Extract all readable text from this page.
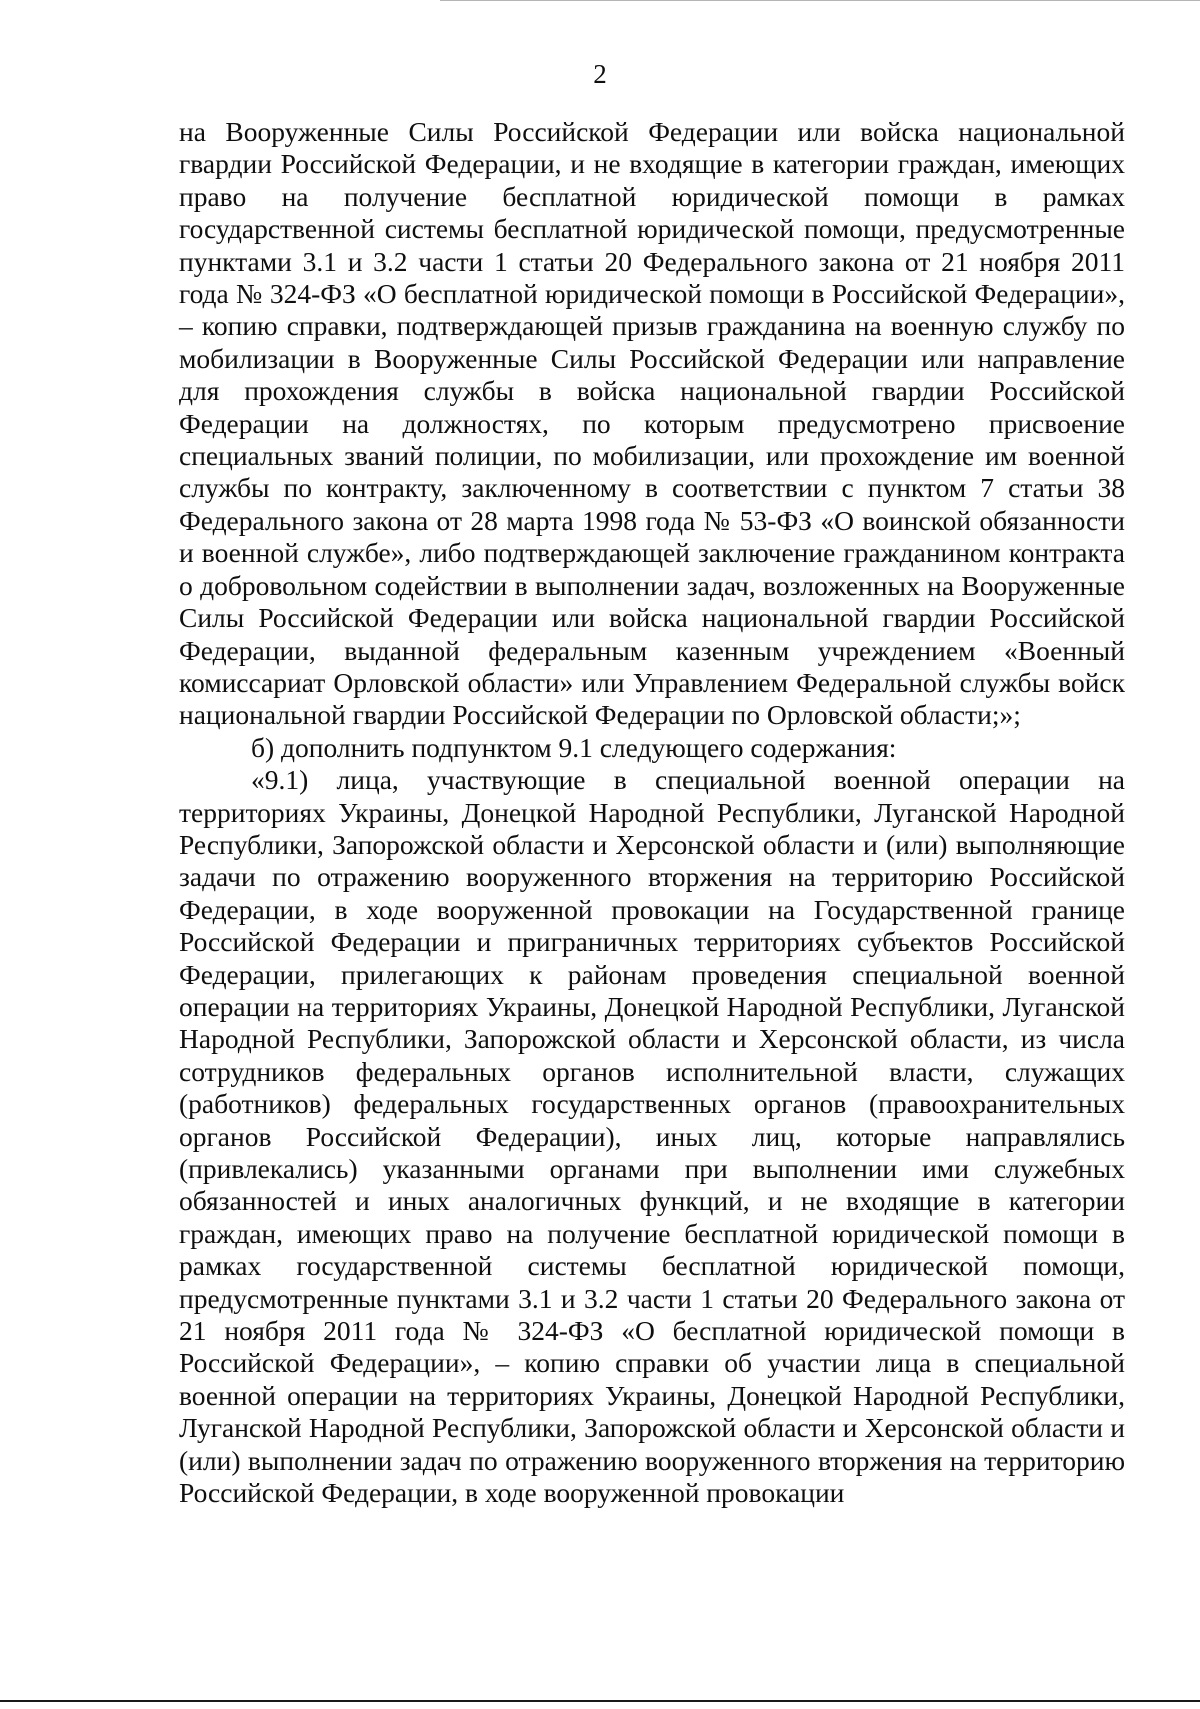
2

на Вооруженные Силы Российской Федерации или войска национальной гвардии Российской Федерации, и не входящие в категории граждан, имеющих право на получение бесплатной юридической помощи в рамках государственной системы бесплатной юридической помощи, предусмотренные пунктами 3.1 и 3.2 части 1 статьи 20 Федерального закона от 21 ноября 2011 года № 324-ФЗ «О бесплатной юридической помощи в Российской Федерации», – копию справки, подтверждающей призыв гражданина на военную службу по мобилизации в Вооруженные Силы Российской Федерации или направление для прохождения службы в войска национальной гвардии Российской Федерации на должностях, по которым предусмотрено присвоение специальных званий полиции, по мобилизации, или прохождение им военной службы по контракту, заключенному в соответствии с пунктом 7 статьи 38 Федерального закона от 28 марта 1998 года № 53-ФЗ «О воинской обязанности и военной службе», либо подтверждающей заключение гражданином контракта о добровольном содействии в выполнении задач, возложенных на Вооруженные Силы Российской Федерации или войска национальной гвардии Российской Федерации, выданной федеральным казенным учреждением «Военный комиссариат Орловской области» или Управлением Федеральной службы войск национальной гвардии Российской Федерации по Орловской области;»;

б) дополнить подпунктом 9.1 следующего содержания:

«9.1) лица, участвующие в специальной военной операции на территориях Украины, Донецкой Народной Республики, Луганской Народной Республики, Запорожской области и Херсонской области и (или) выполняющие задачи по отражению вооруженного вторжения на территорию Российской Федерации, в ходе вооруженной провокации на Государственной границе Российской Федерации и приграничных территориях субъектов Российской Федерации, прилегающих к районам проведения специальной военной операции на территориях Украины, Донецкой Народной Республики, Луганской Народной Республики, Запорожской области и Херсонской области, из числа сотрудников федеральных органов исполнительной власти, служащих (работников) федеральных государственных органов (правоохранительных органов Российской Федерации), иных лиц, которые направлялись (привлекались) указанными органами при выполнении ими служебных обязанностей и иных аналогичных функций, и не входящие в категории граждан, имеющих право на получение бесплатной юридической помощи в рамках государственной системы бесплатной юридической помощи, предусмотренные пунктами 3.1 и 3.2 части 1 статьи 20 Федерального закона от 21 ноября 2011 года № 324-ФЗ «О бесплатной юридической помощи в Российской Федерации», – копию справки об участии лица в специальной военной операции на территориях Украины, Донецкой Народной Республики, Луганской Народной Республики, Запорожской области и Херсонской области и (или) выполнении задач по отражению вооруженного вторжения на территорию Российской Федерации, в ходе вооруженной провокации
